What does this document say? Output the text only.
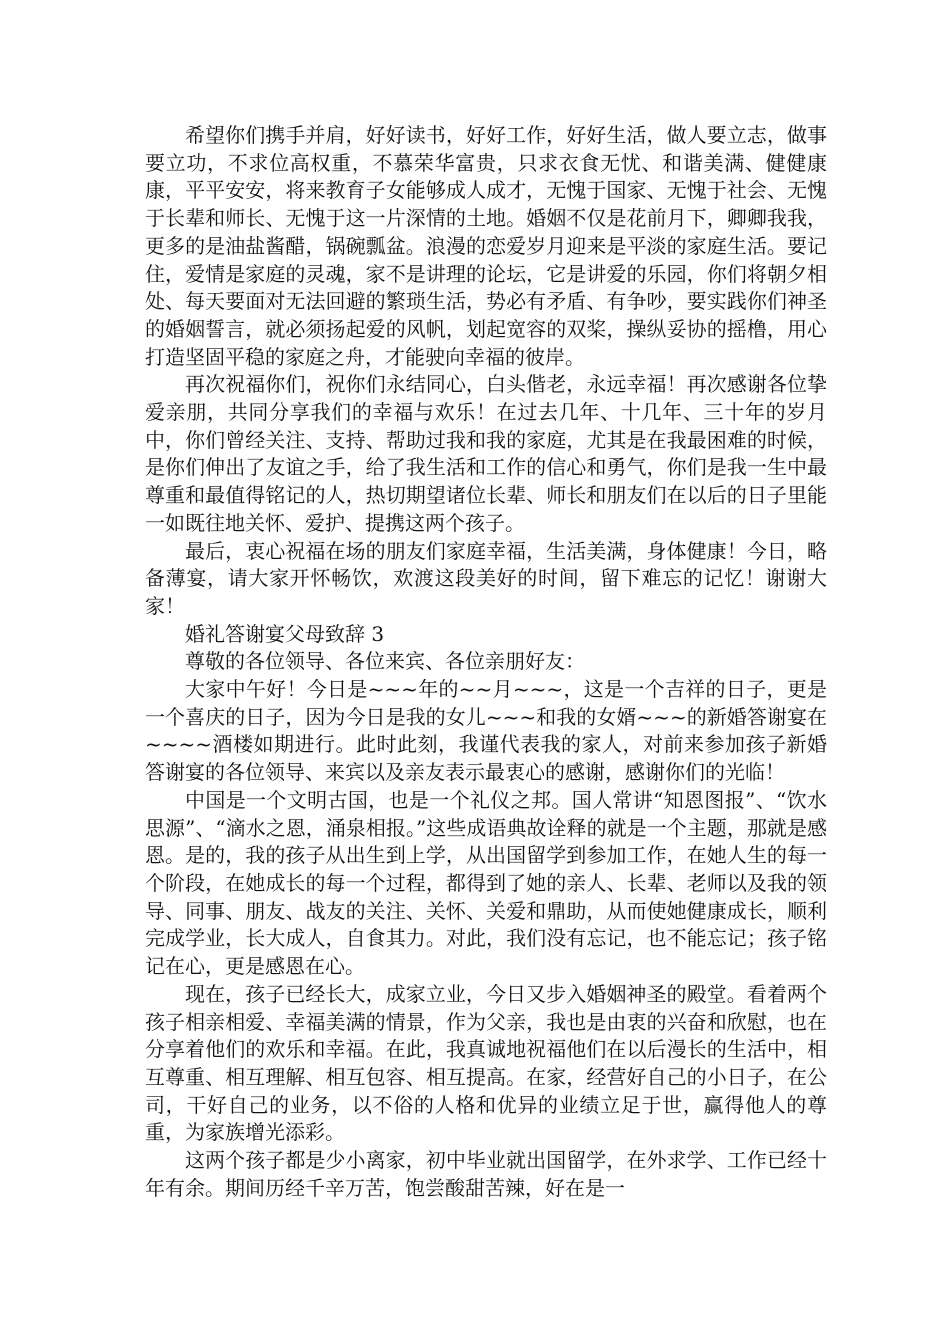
希望你们携手并肩，好好读书，好好工作，好好生活，做人要立志，做事要立功，不求位高权重，不慕荣华富贵，只求衣食无忧、和谐美满、健健康康，平平安安，将来教育子女能够成人成才，无愧于国家、无愧于社会、无愧于长辈和师长、无愧于这一片深情的土地。婚姻不仅是花前月下，卿卿我我，更多的是油盐酱醋，锅碗瓢盆。浪漫的恋爱岁月迎来是平淡的家庭生活。要记住，爱情是家庭的灵魂，家不是讲理的论坛，它是讲爱的乐园，你们将朝夕相处、每天要面对无法回避的繁琐生活，势必有矛盾、有争吵，要实践你们神圣的婚姻誓言，就必须扬起爱的风帆，划起宽容的双桨，操纵妥协的摇橹，用心打造坚固平稳的家庭之舟，才能驶向幸福的彼岸。

再次祝福你们，祝你们永结同心，白头偕老，永远幸福！再次感谢各位挚爱亲朋，共同分享我们的幸福与欢乐！在过去几年、十几年、三十年的岁月中，你们曾经关注、支持、帮助过我和我的家庭，尤其是在我最困难的时候，是你们伸出了友谊之手，给了我生活和工作的信心和勇气，你们是我一生中最尊重和最值得铭记的人，热切期望诸位长辈、师长和朋友们在以后的日子里能一如既往地关怀、爱护、提携这两个孩子。

最后，衷心祝福在场的朋友们家庭幸福，生活美满，身体健康！今日，略备薄宴，请大家开怀畅饮，欢渡这段美好的时间，留下难忘的记忆！谢谢大家！

婚礼答谢宴父母致辞 3

尊敬的各位领导、各位来宾、各位亲朋好友：

大家中午好！今日是~~~年的~~月~~~，这是一个吉祥的日子，更是一个喜庆的日子，因为今日是我的女儿~~~和我的女婿~~~的新婚答谢宴在~~~~酒楼如期进行。此时此刻，我谨代表我的家人，对前来参加孩子新婚答谢宴的各位领导、来宾以及亲友表示最衷心的感谢，感谢你们的光临！

中国是一个文明古国，也是一个礼仪之邦。国人常讲“知恩图报”、“饮水思源”、“滴水之恩，涌泉相报。”这些成语典故诠释的就是一个主题，那就是感恩。是的，我的孩子从出生到上学，从出国留学到参加工作，在她人生的每一个阶段，在她成长的每一个过程，都得到了她的亲人、长辈、老师以及我的领导、同事、朋友、战友的关注、关怀、关爱和鼎助，从而使她健康成长，顺利完成学业，长大成人，自食其力。对此，我们没有忘记，也不能忘记；孩子铭记在心，更是感恩在心。

现在，孩子已经长大，成家立业，今日又步入婚姻神圣的殿堂。看着两个孩子相亲相爱、幸福美满的情景，作为父亲，我也是由衷的兴奋和欣慰，也在分享着他们的欢乐和幸福。在此，我真诚地祝福他们在以后漫长的生活中，相互尊重、相互理解、相互包容、相互提高。在家，经营好自己的小日子，在公司，干好自己的业务，以不俗的人格和优异的业绩立足于世，赢得他人的尊重，为家族增光添彩。

这两个孩子都是少小离家，初中毕业就出国留学，在外求学、工作已经十年有余。期间历经千辛万苦，饱尝酸甜苦辣，好在是一
